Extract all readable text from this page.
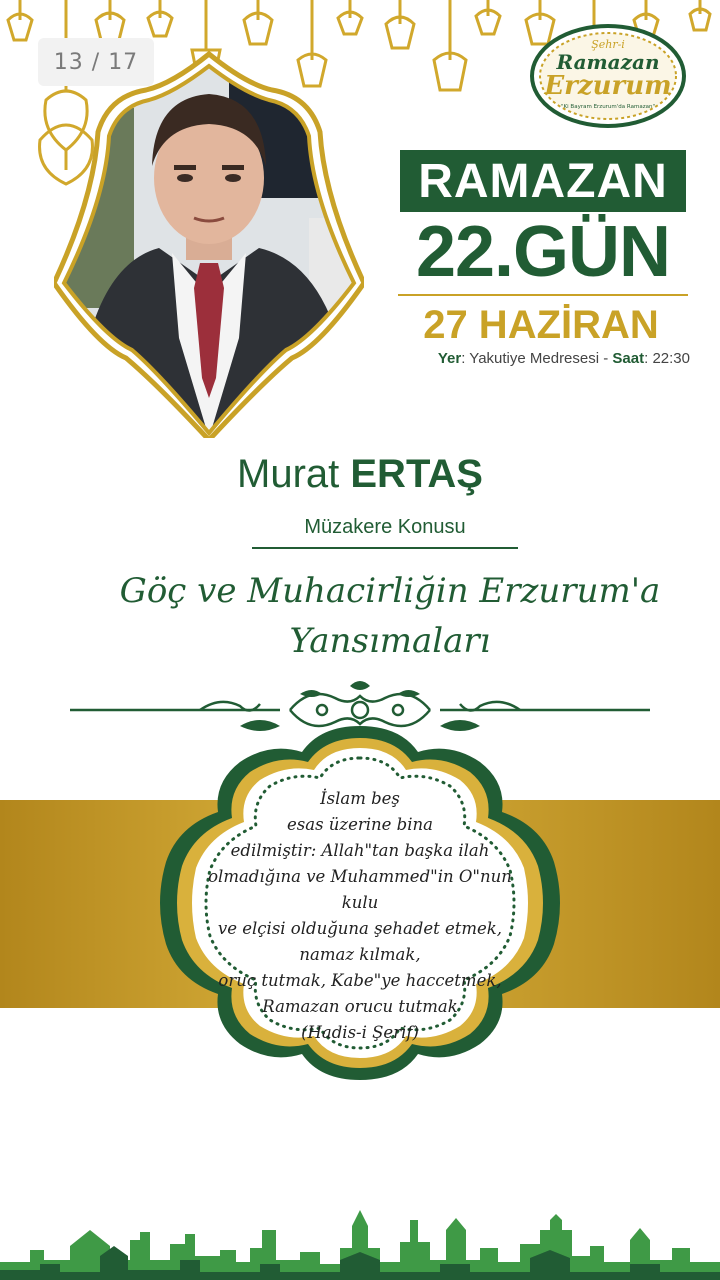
13 / 17
Şehr-i
Ramazan
Erzurum
"Ki Bayram Erzurum'da Ramazan"
RAMAZAN
22.GÜN
27 HAZİRAN
Yer: Yakutiye Medresesi - Saat: 22:30
Murat ERTAŞ
Müzakere Konusu
Göç ve Muhacirliğin Erzurum'a
Yansımaları
İslam beş
esas üzerine bina
edilmiştir: Allah"tan başka ilah
olmadığına ve Muhammed"in O"nun kulu
ve elçisi olduğuna şehadet etmek, namaz kılmak,
oruç tutmak, Kabe"ye haccetmek,
Ramazan orucu tutmak
(Hadis-i Şerif)
